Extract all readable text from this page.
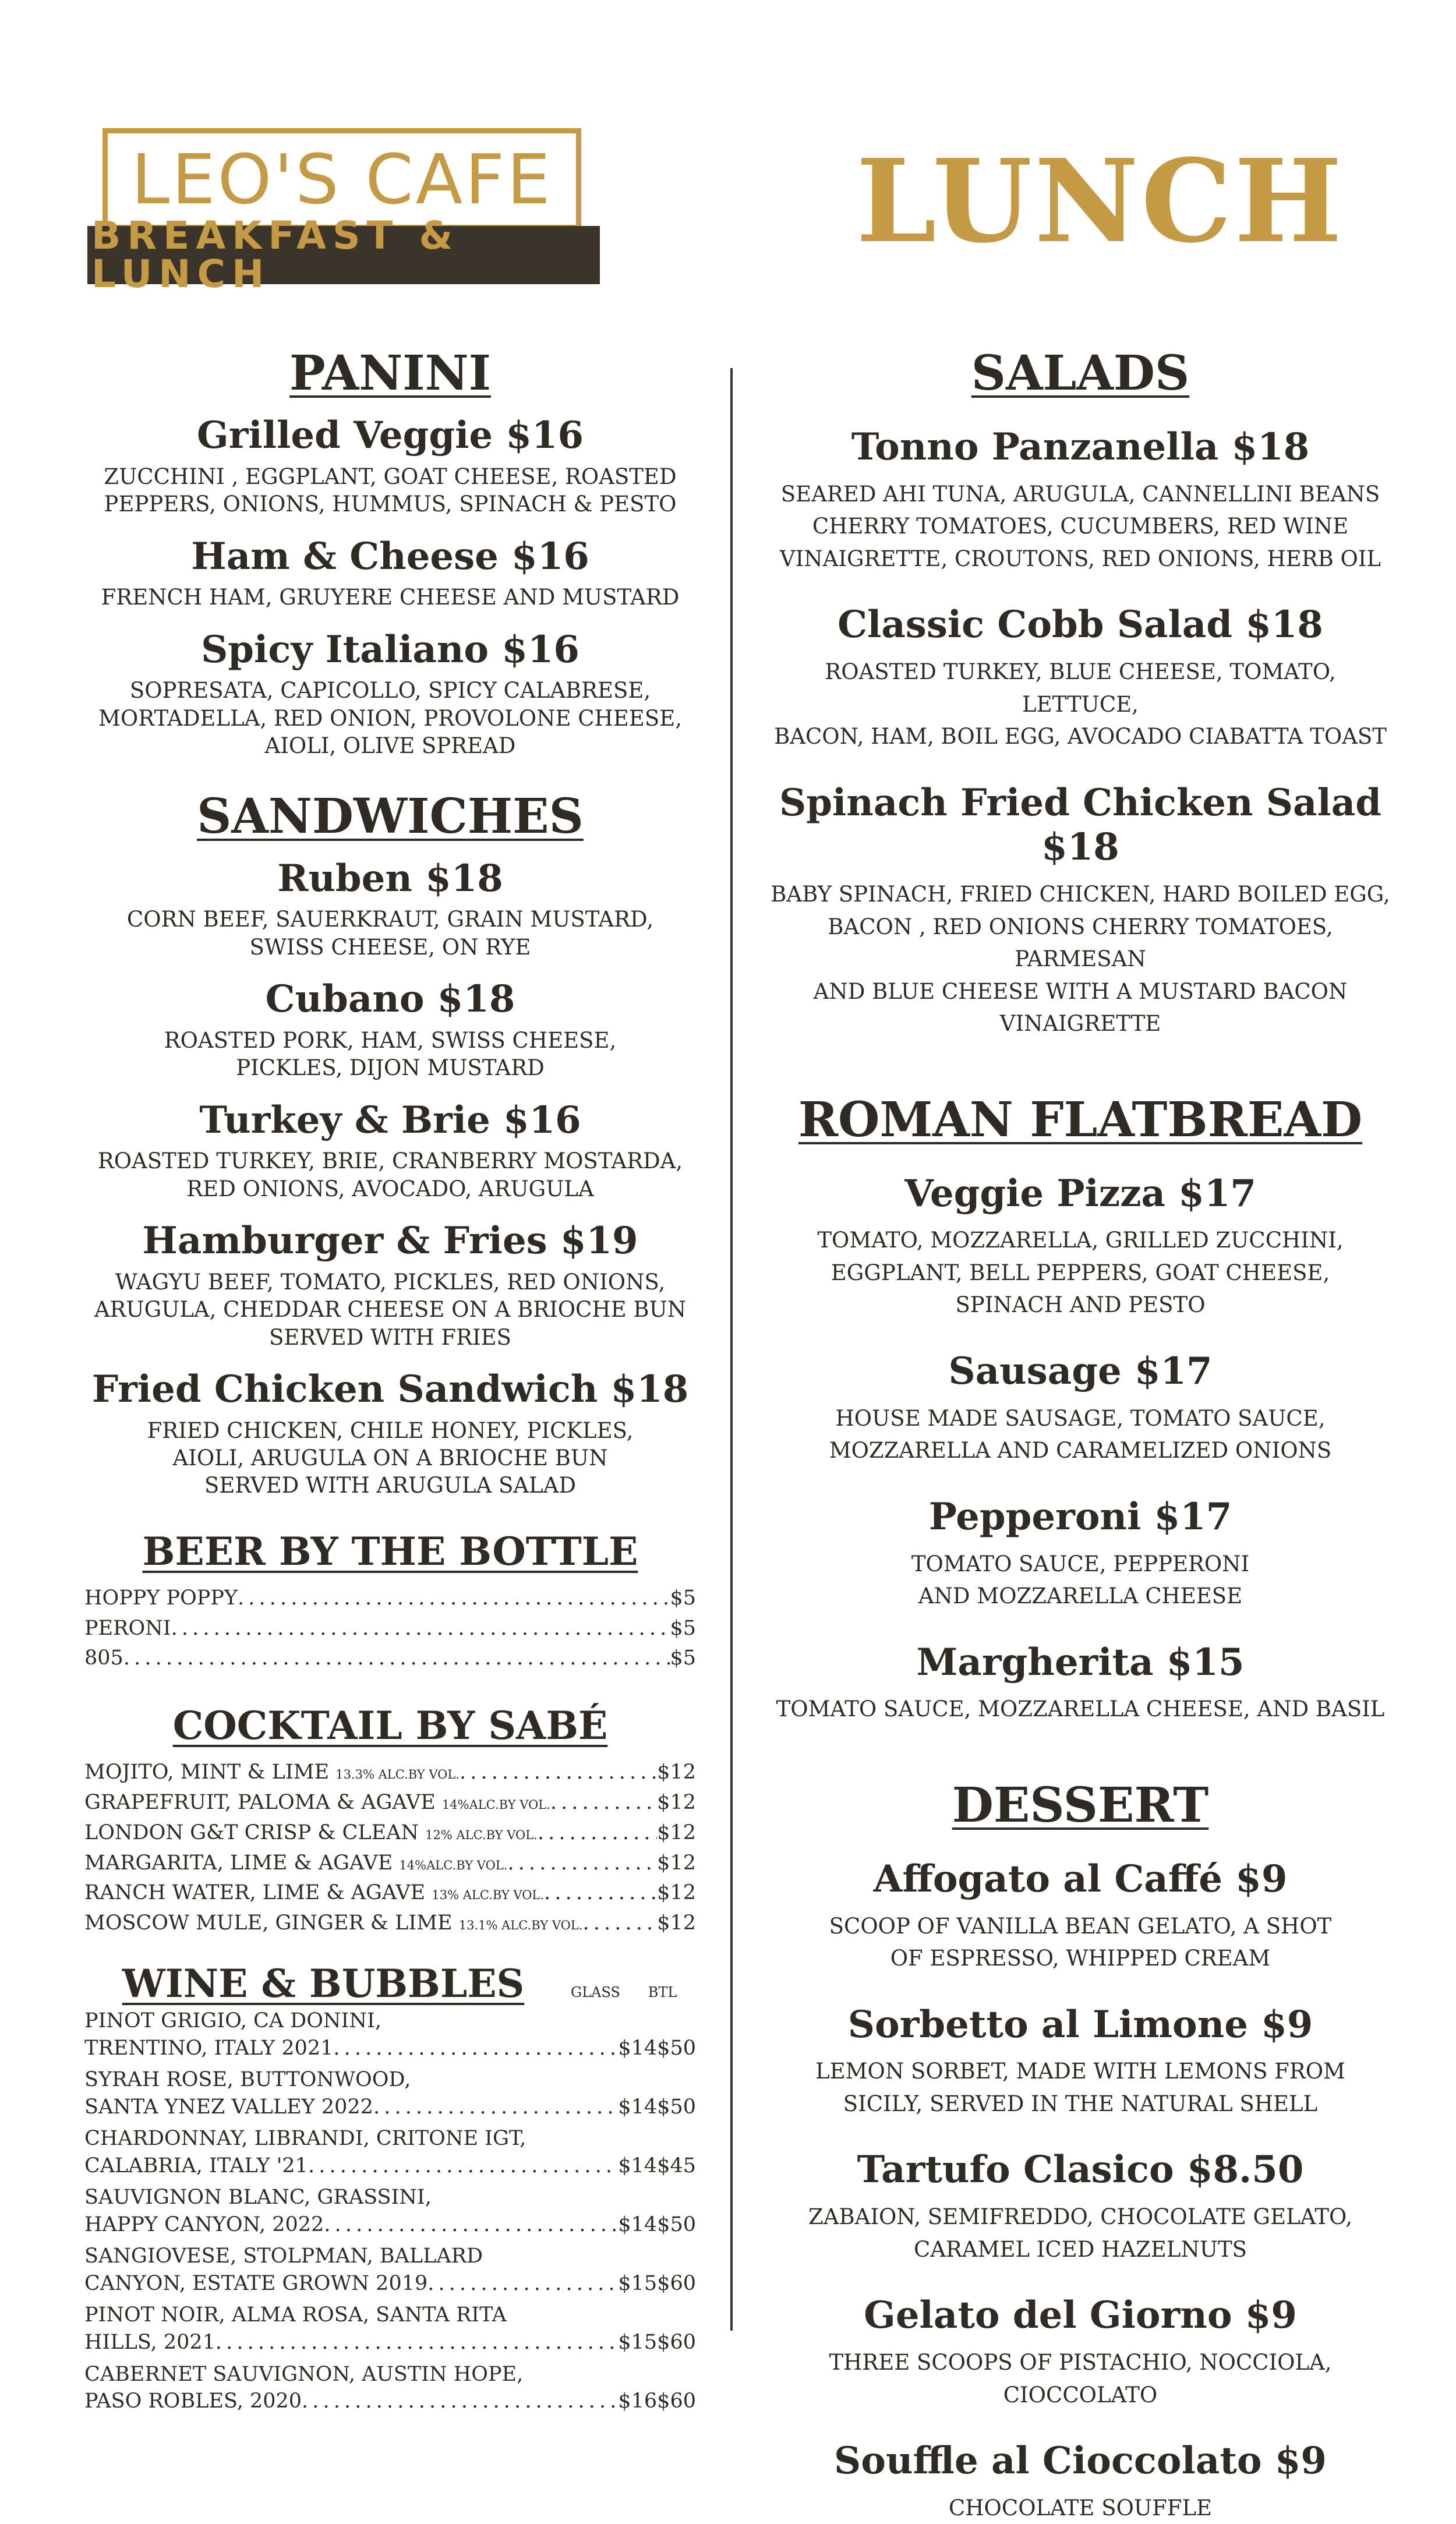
LEO'S CAFE
BREAKFAST & LUNCH
LUNCH
PANINI
Grilled Veggie $16
ZUCCHINI , EGGPLANT, GOAT CHEESE, ROASTED
PEPPERS, ONIONS, HUMMUS, SPINACH & PESTO
Ham & Cheese $16
FRENCH HAM, GRUYERE CHEESE AND MUSTARD
Spicy Italiano $16
SOPRESATA, CAPICOLLO, SPICY CALABRESE,
MORTADELLA, RED ONION, PROVOLONE CHEESE,
AIOLI, OLIVE SPREAD
SANDWICHES
Ruben $18
CORN BEEF, SAUERKRAUT, GRAIN MUSTARD,
SWISS CHEESE, ON RYE
Cubano $18
ROASTED PORK, HAM, SWISS CHEESE,
PICKLES, DIJON MUSTARD
Turkey & Brie $16
ROASTED TURKEY, BRIE, CRANBERRY MOSTARDA,
RED ONIONS, AVOCADO, ARUGULA
Hamburger & Fries $19
WAGYU BEEF, TOMATO, PICKLES, RED ONIONS,
ARUGULA, CHEDDAR CHEESE ON A BRIOCHE BUN
SERVED WITH FRIES
Fried Chicken Sandwich $18
FRIED CHICKEN, CHILE HONEY, PICKLES,
AIOLI, ARUGULA ON A BRIOCHE BUN
SERVED WITH ARUGULA SALAD
BEER BY THE BOTTLE
HOPPY POPPY . . .	$5
PERONI . . .	$5
805 . . .	$5
COCKTAIL BY SABÉ
MOJITO, MINT & LIME 13.3% ALC.BY VOL. . . .	$12
GRAPEFRUIT, PALOMA & AGAVE 14%ALC.BY VOL. . . .	$12
LONDON G&T CRISP & CLEAN 12% ALC.BY VOL. . . .	$12
MARGARITA, LIME & AGAVE 14%ALC.BY VOL. . . .	$12
RANCH WATER, LIME & AGAVE 13% ALC.BY VOL. . . .	$12
MOSCOW MULE, GINGER & LIME 13.1% ALC.BY VOL. . . .	$12
WINE & BUBBLES	GLASS	BTL
PINOT GRIGIO, CA DONINI,
TRENTINO, ITALY 2021 . . .	$14 $50
SYRAH ROSE, BUTTONWOOD,
SANTA YNEZ VALLEY 2022 . . .	$14 $50
CHARDONNAY, LIBRANDI, CRITONE IGT,
CALABRIA, ITALY '21 . . .	$14 $45
SAUVIGNON BLANC, GRASSINI,
HAPPY CANYON, 2022 . . .	$14 $50
SANGIOVESE, STOLPMAN, BALLARD
CANYON, ESTATE GROWN 2019 . . .	$15 $60
PINOT NOIR, ALMA ROSA, SANTA RITA
HILLS, 2021 . . .	$15 $60
CABERNET SAUVIGNON, AUSTIN HOPE,
PASO ROBLES, 2020 . . .	$16 $60
SALADS
Tonno Panzanella $18
SEARED AHI TUNA, ARUGULA, CANNELLINI BEANS
CHERRY TOMATOES, CUCUMBERS, RED WINE
VINAIGRETTE, CROUTONS, RED ONIONS, HERB OIL
Classic Cobb Salad $18
ROASTED TURKEY, BLUE CHEESE, TOMATO, LETTUCE,
BACON, HAM, BOIL EGG, AVOCADO CIABATTA TOAST
Spinach Fried Chicken Salad $18
BABY SPINACH, FRIED CHICKEN, HARD BOILED EGG,
BACON , RED ONIONS CHERRY TOMATOES, PARMESAN
AND BLUE CHEESE WITH A MUSTARD BACON
VINAIGRETTE
ROMAN FLATBREAD
Veggie Pizza $17
TOMATO, MOZZARELLA, GRILLED ZUCCHINI,
EGGPLANT, BELL PEPPERS, GOAT CHEESE,
SPINACH AND PESTO
Sausage $17
HOUSE MADE SAUSAGE, TOMATO SAUCE,
MOZZARELLA AND CARAMELIZED ONIONS
Pepperoni $17
TOMATO SAUCE, PEPPERONI
AND MOZZARELLA CHEESE
Margherita $15
TOMATO SAUCE, MOZZARELLA CHEESE, AND BASIL
DESSERT
Affogato al Caffé $9
SCOOP OF VANILLA BEAN GELATO, A SHOT
OF ESPRESSO, WHIPPED CREAM
Sorbetto al Limone $9
LEMON SORBET, MADE WITH LEMONS FROM
SICILY, SERVED IN THE NATURAL SHELL
Tartufo Clasico $8.50
ZABAION, SEMIFREDDO, CHOCOLATE GELATO,
CARAMEL ICED HAZELNUTS
Gelato del Giorno $9
THREE SCOOPS OF PISTACHIO, NOCCIOLA,
CIOCCOLATO
Souffle al Cioccolato $9
CHOCOLATE SOUFFLE
